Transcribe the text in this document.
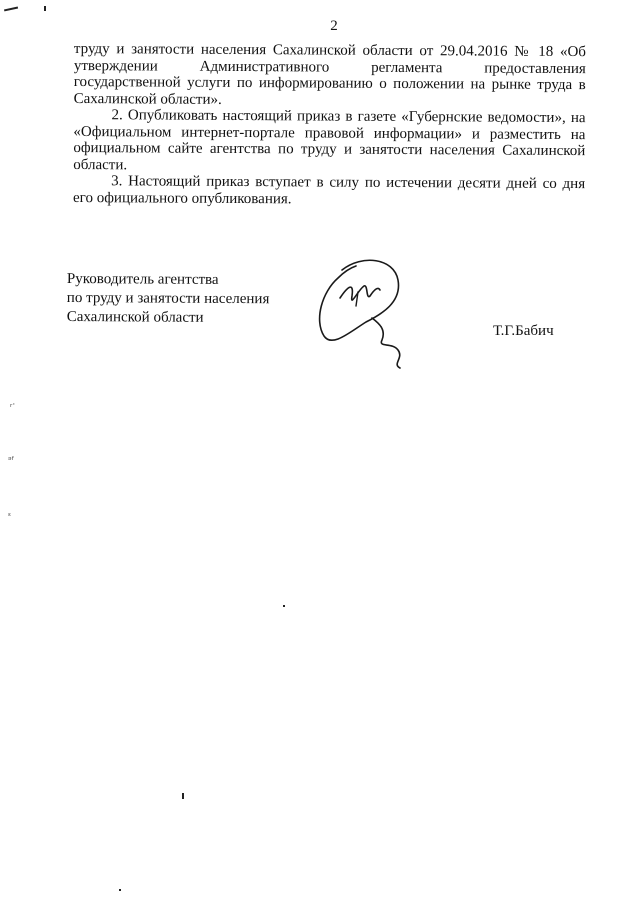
ᵣ·
ᵊᶠ
ᵋ
2
труду и занятости населения Сахалинской области от 29.04.2016 № 18 «Об
утверждении Административного регламента предоставления
государственной услуги по информированию о положении на рынке труда в
Сахалинской области».
2. Опубликовать настоящий приказ в газете «Губернские ведомости», на
«Официальном интернет-портале правовой информации» и разместить на
официальном сайте агентства по труду и занятости населения Сахалинской
области.
3. Настоящий приказ вступает в силу по истечении десяти дней со дня
его официального опубликования.
Руководитель агентства
по труду и занятости населения
Сахалинской области
Т.Г.Бабич
